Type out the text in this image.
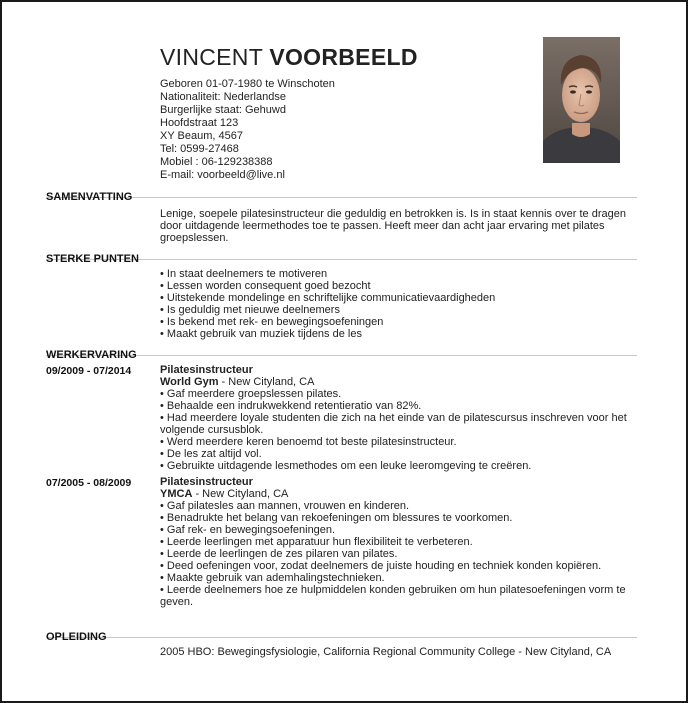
VINCENT VOORBEELD
Geboren 01-07-1980 te Winschoten
Nationaliteit: Nederlandse
Burgerlijke staat: Gehuwd
Hoofdstraat 123
XY Beaum, 4567
Tel: 0599-27468
Mobiel : 06-129238388
E-mail: voorbeeld@live.nl
SAMENVATTING
Lenige, soepele pilatesinstructeur die geduldig en betrokken is. Is in staat kennis over te dragen door uitdagende leermethodes toe te passen. Heeft meer dan acht jaar ervaring met pilates groepslessen.
STERKE PUNTEN
• In staat deelnemers te motiveren
• Lessen worden consequent goed bezocht
• Uitstekende mondelinge en schriftelijke communicatievaardigheden
• Is geduldig met nieuwe deelnemers
• Is bekend met rek- en bewegingsoefeningen
• Maakt gebruik van muziek tijdens de les
WERKERVARING
09/2009 - 07/2014	Pilatesinstructeur
World Gym - New Cityland, CA
• Gaf meerdere groepslessen pilates.
• Behaalde een indrukwekkend retentieratio van 82%.
• Had meerdere loyale studenten die zich na het einde van de pilatescursus inschreven voor het volgende cursusblok.
• Werd meerdere keren benoemd tot beste pilatesinstructeur.
• De les zat altijd vol.
• Gebruikte uitdagende lesmethodes om een leuke leeromgeving te creëren.
07/2005 - 08/2009	Pilatesinstructeur
YMCA - New Cityland, CA
• Gaf pilatesles aan mannen, vrouwen en kinderen.
• Benadrukte het belang van rekoefeningen om blessures te voorkomen.
• Gaf rek- en bewegingsoefeningen.
• Leerde leerlingen met apparatuur hun flexibiliteit te verbeteren.
• Leerde de leerlingen de zes pilaren van pilates.
• Deed oefeningen voor, zodat deelnemers de juiste houding en techniek konden kopiëren.
• Maakte gebruik van ademhalingstechnieken.
• Leerde deelnemers hoe ze hulpmiddelen konden gebruiken om hun pilatesoefeningen vorm te geven.
OPLEIDING
2005 HBO: Bewegingsfysiologie, California Regional Community College - New Cityland, CA
